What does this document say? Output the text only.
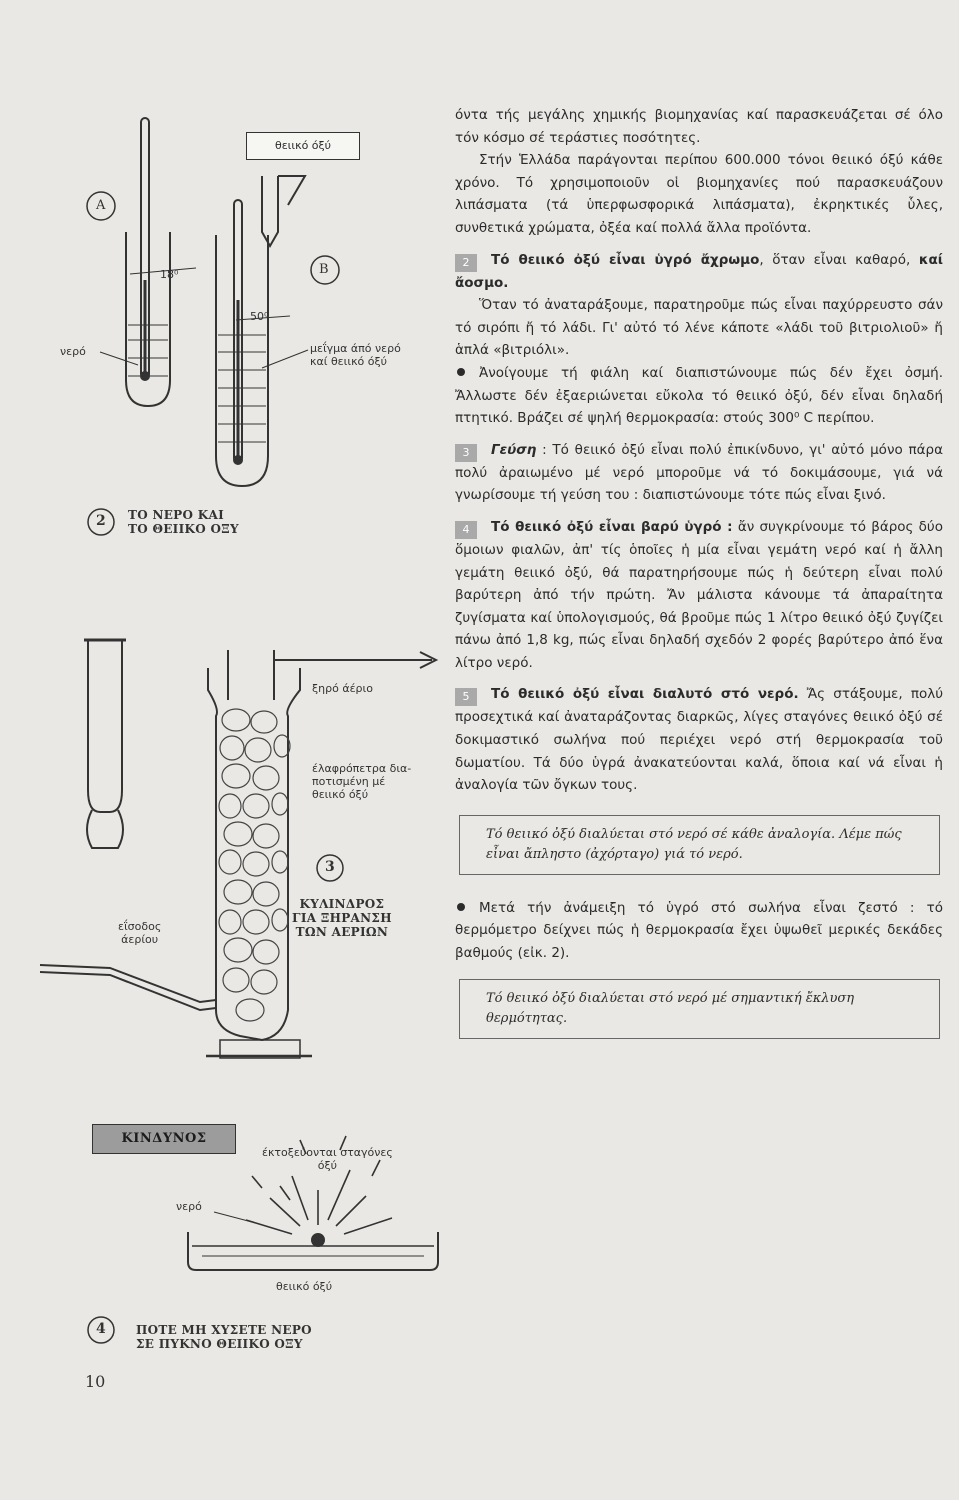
θειικό όξύ
A
B
18⁰
50⁰
νερό	μεΐγμα άπό νερό
καί θειικό όξύ
2 ΤΟ ΝΕΡΟ ΚΑΙ
ΤΟ ΘΕΙΙΚΟ ΟΞΥ
ξηρό άέριο
έλαφρόπετρα δια-
ποτισμένη μέ
θειικό όξύ
εΐσοδος
άερίου
3
ΚΥΛΙΝΔΡΟΣ
ΓΙΑ ΞΗΡΑΝΣΗ
ΤΩΝ ΑΕΡΙΩΝ
ΚΙΝΔΥΝΟΣ
έκτοξεύονται σταγόνες
όξύ
νερό
θειικό όξύ
4	ΠΟΤΕ ΜΗ ΧΥΣΕΤΕ ΝΕΡΟ
ΣΕ ΠΥΚΝΟ ΘΕΙΙΚΟ ΟΞΥ

όντα τής μεγάλης χημικής βιομηχανίας καί παρασκευάζεται σέ όλο τόν κόσμο σέ τεράστιες ποσότητες.

Στήν Ἑλλάδα παράγονται περίπου 600.000 τόνοι θειικό όξύ κάθε χρόνο. Τό χρησιμοποιοῦν οἱ βιομηχανίες πού παρασκευάζουν λιπάσματα (τά ὑπερφωσφορικά λιπάσματα), ἐκρηκτικές ὗλες, συνθετικά χρώματα, ὀξέα καί πολλά ἄλλα προϊόντα.

2 Τό θειικό ὀξύ εἶναι ὑγρό ἄχρωμο, ὅταν εἶναι καθαρό, καί ἄοσμο.

Ὅταν τό ἀναταράξουμε, παρατηροῦμε πώς εἶναι παχύρρευστο σάν τό σιρόπι ἤ τό λάδι. Γι' αὐτό τό λένε κάποτε «λάδι τοῦ βιτριολιοῦ» ἤ ἁπλά «βιτριόλι».

Ἀνοίγουμε τή φιάλη καί διαπιστώνουμε πώς δέν ἔχει ὀσμή. Ἄλλωστε δέν ἐξαεριώνεται εὔκολα τό θειικό ὀξύ, δέν εἶναι δηλαδή πτητικό. Βράζει σέ ψηλή θερμοκρασία: στούς 300⁰ C περίπου.

3 Γεύση : Τό θειικό ὀξύ εἶναι πολύ ἐπικίνδυνο, γι' αὐτό μόνο πάρα πολύ ἀραιωμένο μέ νερό μποροῦμε νά τό δοκιμάσουμε, γιά νά γνωρίσουμε τή γεύση του : διαπιστώνουμε τότε πώς εἶναι ξινό.

4 Τό θειικό ὀξύ εἶναι βαρύ ὑγρό : ἄν συγκρίνουμε τό βάρος δύο ὅμοιων φιαλῶν, ἀπ' τίς ὁποῖες ἡ μία εἶναι γεμάτη νερό καί ἡ ἄλλη γεμάτη θειικό ὀξύ, θά παρατηρήσουμε πώς ἡ δεύτερη εἶναι πολύ βαρύτερη ἀπό τήν πρώτη. Ἄν μάλιστα κάνουμε τά ἀπαραίτητα ζυγίσματα καί ὑπολογισμούς, θά βροῦμε πώς 1 λίτρο θειικό ὀξύ ζυγίζει πάνω ἀπό 1,8 kg, πώς εἶναι δηλαδή σχεδόν 2 φορές βαρύτερο ἀπό ἕνα λίτρο νερό.

5 Τό θειικό ὀξύ εἶναι διαλυτό στό νερό. Ἄς στάξουμε, πολύ προσεχτικά καί ἀναταράζοντας διαρκῶς, λίγες σταγόνες θειικό ὀξύ σέ δοκιμαστικό σωλήνα πού περιέχει νερό στή θερμοκρασία τοῦ δωματίου. Τά δύο ὑγρά ἀνακατεύονται καλά, ὅποια καί νά εἶναι ἡ ἀναλογία τῶν ὄγκων τους.

Τό θειικό ὀξύ διαλύεται στό νερό σέ κάθε ἀναλογία. Λέμε πώς εἶναι ἄπληστο (ἀχόρταγο) γιά τό νερό.

Μετά τήν ἀνάμειξη τό ὑγρό στό σωλήνα εἶναι ζεστό : τό θερμόμετρο δείχνει πώς ἡ θερμοκρασία ἔχει ὑψωθεῖ μερικές δεκάδες βαθμούς (εἰκ. 2).

Τό θειικό ὀξύ διαλύεται στό νερό μέ σημαντική ἔκλυση θερμότητας.
10
